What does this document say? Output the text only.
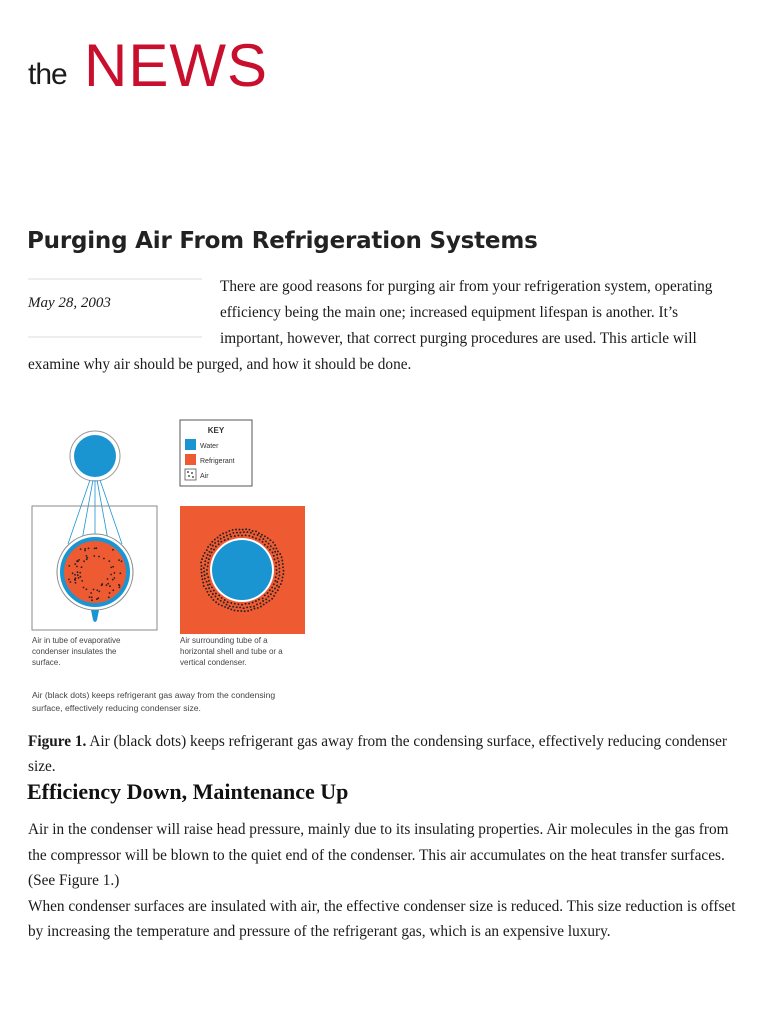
the NEWS
Purging Air From Refrigeration Systems
May 28, 2003
There are good reasons for purging air from your refrigeration system, operating efficiency being the main one; increased equipment lifespan is another. It’s important, however, that correct purging procedures are used. This article will examine why air should be purged, and how it should be done.
KEY
Water
Refrigerant
Air
Air in tube of evaporative
condenser insulates the
surface.
Air surrounding tube of a
horizontal shell and tube or a
vertical condenser.
Air (black dots) keeps refrigerant gas away from the condensing
surface, effectively reducing condenser size.
Figure 1. Air (black dots) keeps refrigerant gas away from the condensing surface, effectively reducing condenser size.
Efficiency Down, Maintenance Up

Air in the condenser will raise head pressure, mainly due to its insulating properties. Air molecules in the gas from the compressor will be blown to the quiet end of the condenser. This air accumulates on the heat transfer surfaces. (See Figure 1.)

When condenser surfaces are insulated with air, the effective condenser size is reduced. This size reduction is offset by increasing the temperature and pressure of the refrigerant gas, which is an expensive luxury.
